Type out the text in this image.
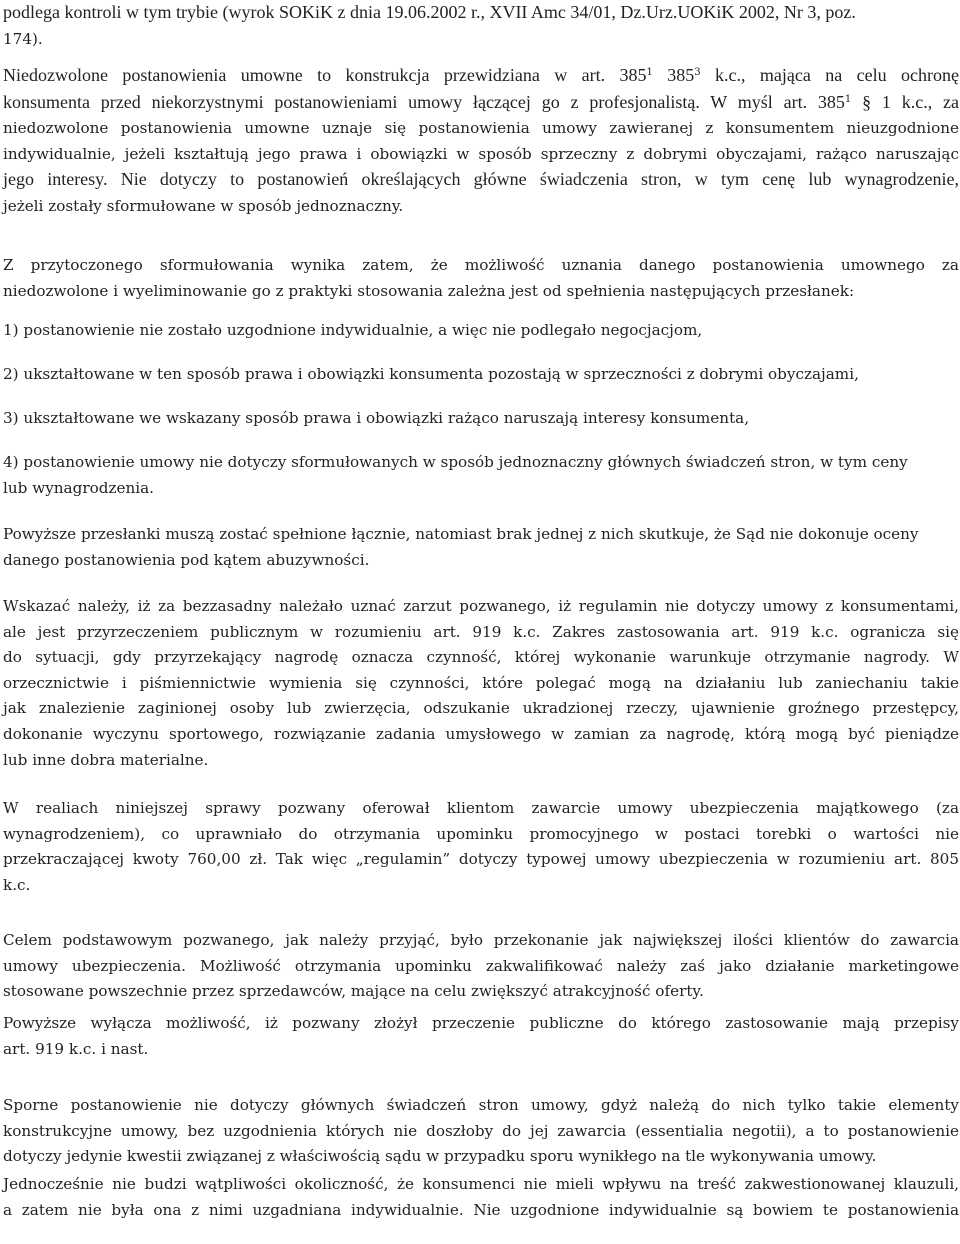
podlega kontroli w tym trybie (wyrok SOKiK z dnia 19.06.2002 r., XVII Amc 34/01, Dz.Urz.UOKiK 2002, Nr 3, poz.
174).

Niedozwolone postanowienia umowne to konstrukcja przewidziana w art. $385^1$ $385^3$ k.c., mająca na celu ochronę
konsumenta przed niekorzystnymi postanowieniami umowy łączącej go z profesjonalistą. W myśl art. $385^1$ § 1 k.c., za
niedozwolone postanowienia umowne uznaje się postanowienia umowy zawieranej z konsumentem nieuzgodnione
indywidualnie, jeżeli kształtują jego prawa i obowiązki w sposób sprzeczny z dobrymi obyczajami, rażąco naruszając
jego interesy. Nie dotyczy to postanowień określających główne świadczenia stron, w tym cenę lub wynagrodzenie,
jeżeli zostały sformułowane w sposób jednoznaczny.

Z przytoczonego sformułowania wynika zatem, że możliwość uznania danego postanowienia umownego za
niedozwolone i wyeliminowanie go z praktyki stosowania zależna jest od spełnienia następujących przesłanek:

1) postanowienie nie zostało uzgodnione indywidualnie, a więc nie podlegało negocjacjom,

2) ukształtowane w ten sposób prawa i obowiązki konsumenta pozostają w sprzeczności z dobrymi obyczajami,

3) ukształtowane we wskazany sposób prawa i obowiązki rażąco naruszają interesy konsumenta,

4) postanowienie umowy nie dotyczy sformułowanych w sposób jednoznaczny głównych świadczeń stron, w tym ceny
lub wynagrodzenia.

Powyższe przesłanki muszą zostać spełnione łącznie, natomiast brak jednej z nich skutkuje, że Sąd nie dokonuje oceny
danego postanowienia pod kątem abuzywności.

Wskazać należy, iż za bezzasadny należało uznać zarzut pozwanego, iż regulamin nie dotyczy umowy z konsumentami,
ale jest przyrzeczeniem publicznym w rozumieniu art. 919 k.c. Zakres zastosowania art. 919 k.c. ogranicza się
do sytuacji, gdy przyrzekający nagrodę oznacza czynność, której wykonanie warunkuje otrzymanie nagrody. W
orzecznictwie i piśmiennictwie wymienia się czynności, które polegać mogą na działaniu lub zaniechaniu takie
jak znalezienie zaginionej osoby lub zwierzęcia, odszukanie ukradzionej rzeczy, ujawnienie groźnego przestępcy,
dokonanie wyczynu sportowego, rozwiązanie zadania umysłowego w zamian za nagrodę, którą mogą być pieniądze
lub inne dobra materialne.

W realiach niniejszej sprawy pozwany oferował klientom zawarcie umowy ubezpieczenia majątkowego (za
wynagrodzeniem), co uprawniało do otrzymania upominku promocyjnego w postaci torebki o wartości nie
przekraczającej kwoty 760,00 zł. Tak więc „regulamin” dotyczy typowej umowy ubezpieczenia w rozumieniu art. 805
k.c.

Celem podstawowym pozwanego, jak należy przyjąć, było przekonanie jak największej ilości klientów do zawarcia
umowy ubezpieczenia. Możliwość otrzymania upominku zakwalifikować należy zaś jako działanie marketingowe
stosowane powszechnie przez sprzedawców, mające na celu zwiększyć atrakcyjność oferty.

Powyższe wyłącza możliwość, iż pozwany złożył przeczenie publiczne do którego zastosowanie mają przepisy
art. 919 k.c. i nast.

Sporne postanowienie nie dotyczy głównych świadczeń stron umowy, gdyż należą do nich tylko takie elementy
konstrukcyjne umowy, bez uzgodnienia których nie doszłoby do jej zawarcia (essentialia negotii), a to postanowienie
dotyczy jedynie kwestii związanej z właściwością sądu w przypadku sporu wynikłego na tle wykonywania umowy.

Jednocześnie nie budzi wątpliwości okoliczność, że konsumenci nie mieli wpływu na treść zakwestionowanej klauzuli,
a zatem nie była ona z nimi uzgadniana indywidualnie. Nie uzgodnione indywidualnie są bowiem te postanowienia
